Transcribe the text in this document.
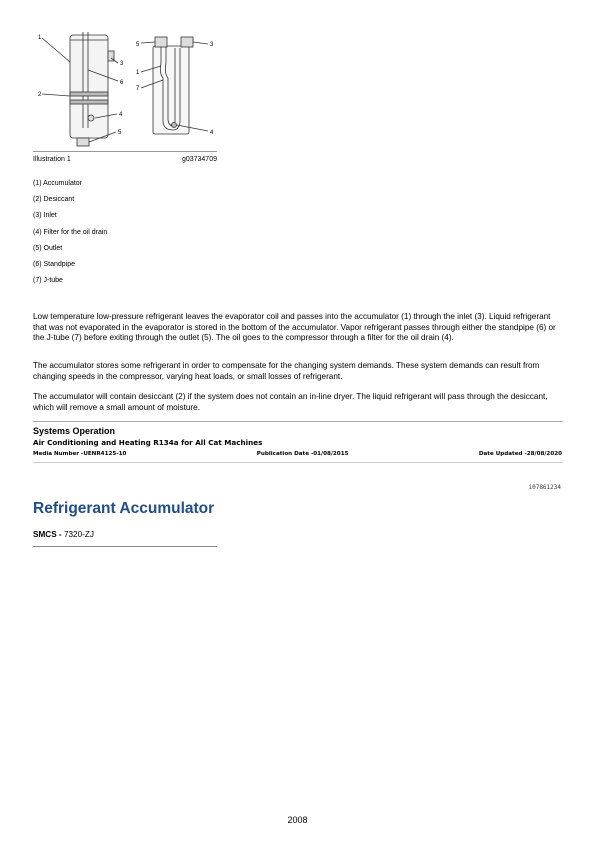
1
2
3
4
5
6
5	3
1
7
4
Illustration 1	g03734709
(1) Accumulator
(2) Desiccant
(3) Inlet
(4) Filter for the oil drain
(5) Outlet
(6) Standpipe
(7) J-tube

Low temperature low-pressure refrigerant leaves the evaporator coil and passes into the accumulator (1) through the inlet (3). Liquid refrigerant that was not evaporated in the evaporator is stored in the bottom of the accumulator. Vapor refrigerant passes through either the standpipe (6) or the J-tube (7) before exiting through the outlet (5). The oil goes to the compressor through a filter for the oil drain (4).

The accumulator stores some refrigerant in order to compensate for the changing system demands. These system demands can result from changing speeds in the compressor, varying heat loads, or small losses of refrigerant.

The accumulator will contain desiccant (2) if the system does not contain an in-line dryer. The liquid refrigerant will pass through the desiccant, which will remove a small amount of moisture.

Systems Operation
Air Conditioning and Heating R134a for All Cat Machines
Media Number -UENR4125-10	Publication Date -01/08/2015	Date Updated -28/08/2020
i07861234
Refrigerant Accumulator
SMCS - 7320-ZJ
2008
